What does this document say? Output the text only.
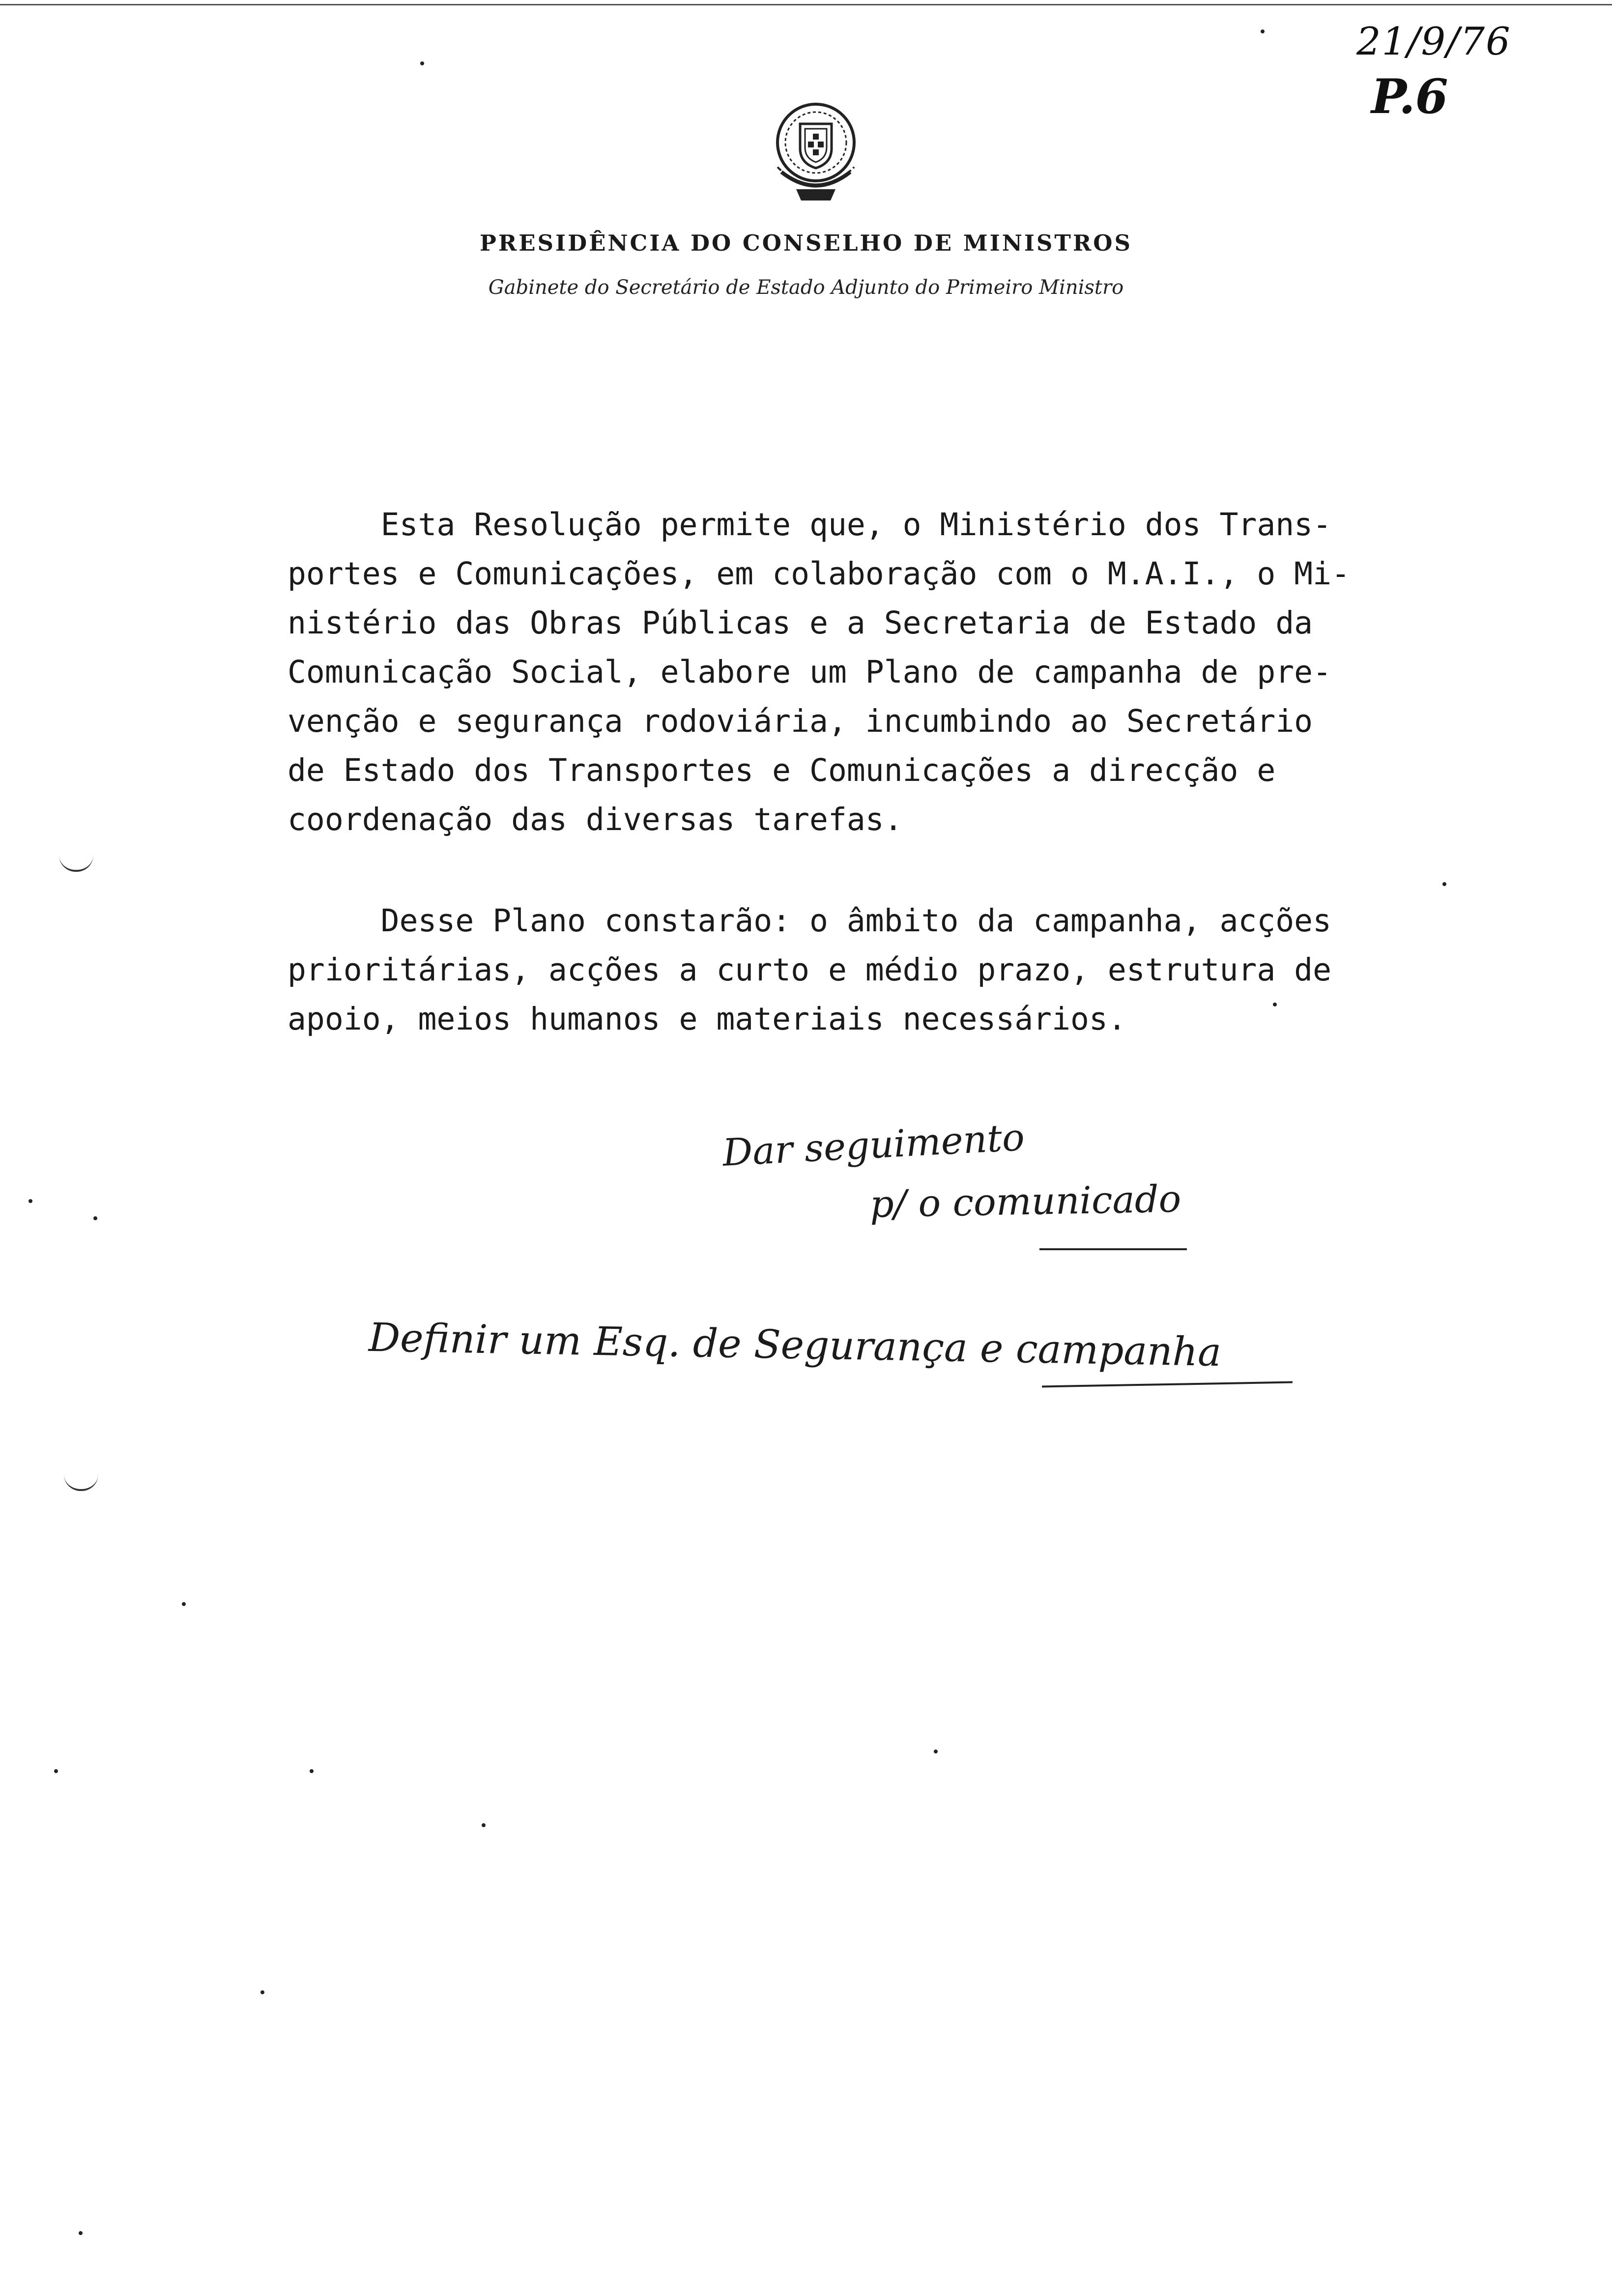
21/9/76
P.6
PRESIDÊNCIA DO CONSELHO DE MINISTROS
Gabinete do Secretário de Estado Adjunto do Primeiro Ministro
Esta Resolução permite que, o Ministério dos Trans-
portes e Comunicações, em colaboração com o M.A.I., o Mi-
nistério das Obras Públicas e a Secretaria de Estado da
Comunicação Social, elabore um Plano de campanha de pre-
venção e segurança rodoviária, incumbindo ao Secretário
de Estado dos Transportes e Comunicações a direcção e
coordenação das diversas tarefas.
Desse Plano constarão: o âmbito da campanha, acções
prioritárias, acções a curto e médio prazo, estrutura de
apoio, meios humanos e materiais necessários.
Dar seguimento
p/ o comunicado
Definir um Esq. de Segurança e campanha
